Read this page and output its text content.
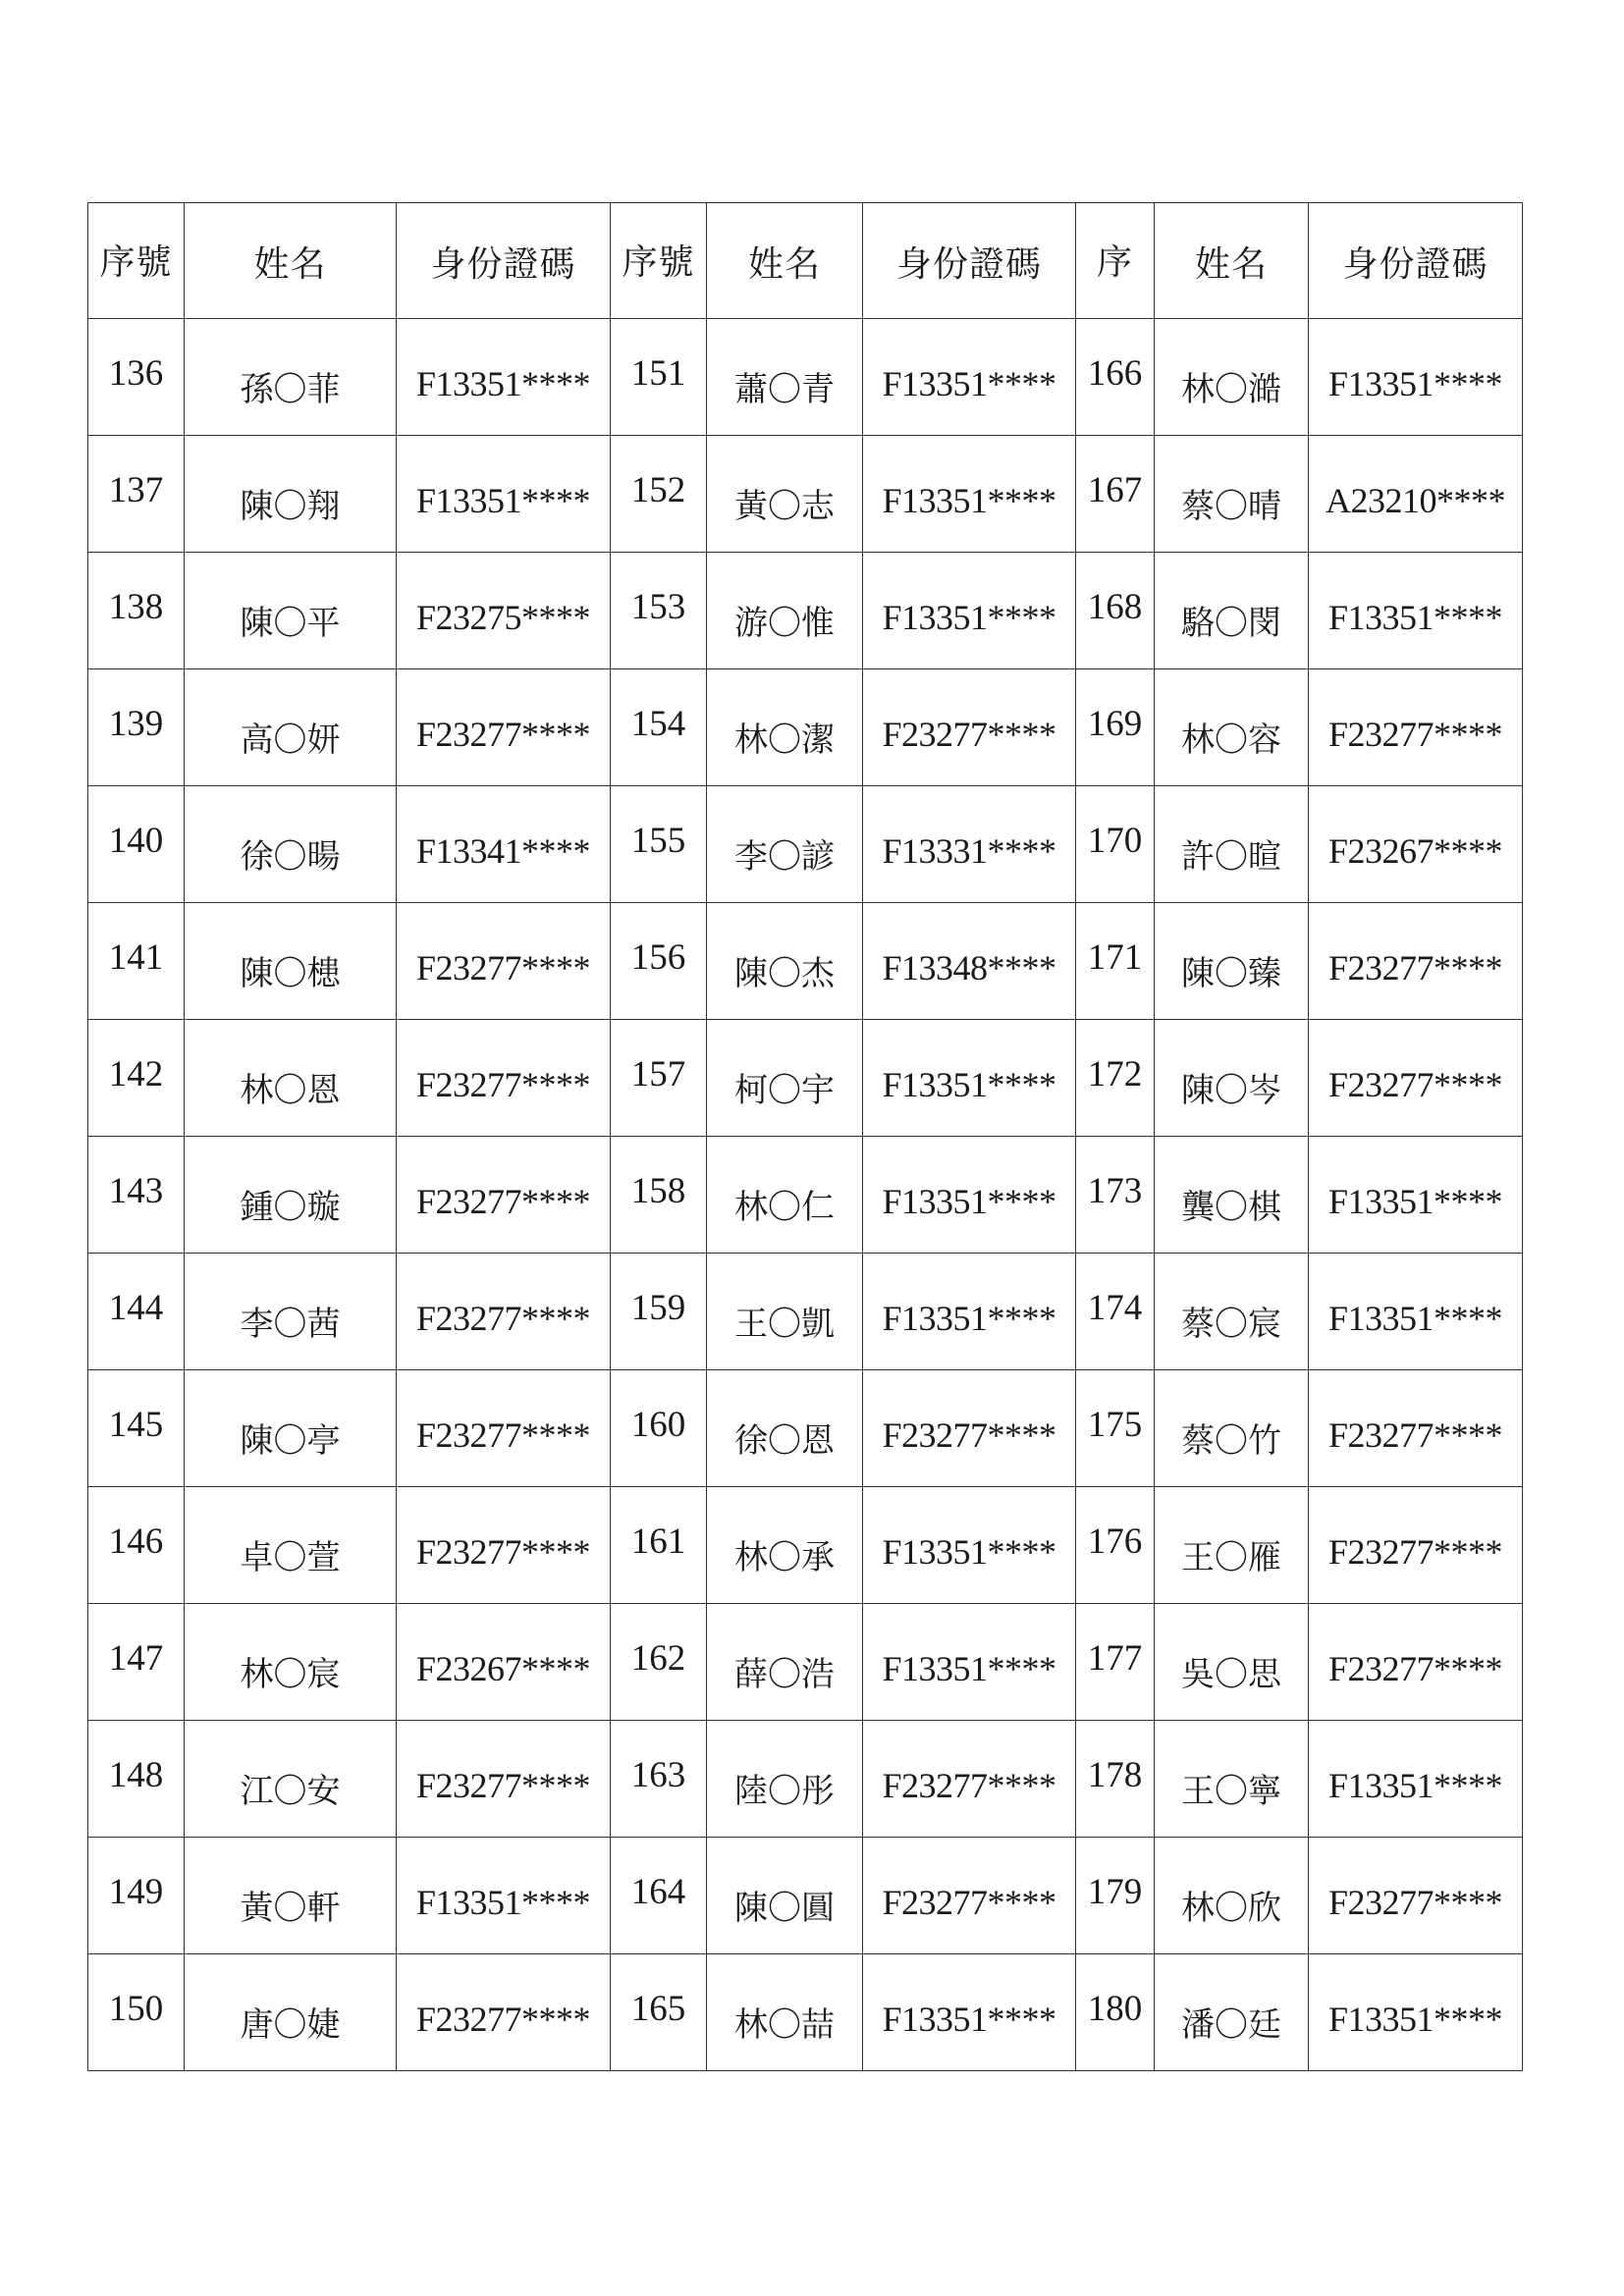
序號	姓名	身份證碼	序號	姓名	身份證碼	序	姓名	身份證碼
136	孫〇菲	F13351****	151	蕭〇青	F13351****	166	林〇澔	F13351****
137	陳〇翔	F13351****	152	黃〇志	F13351****	167	蔡〇晴	A23210****
138	陳〇平	F23275****	153	游〇惟	F13351****	168	駱〇閔	F13351****
139	高〇妍	F23277****	154	林〇潔	F23277****	169	林〇容	F23277****
140	徐〇暘	F13341****	155	李〇諺	F13331****	170	許〇暄	F23267****
141	陳〇槵	F23277****	156	陳〇杰	F13348****	171	陳〇臻	F23277****
142	林〇恩	F23277****	157	柯〇宇	F13351****	172	陳〇岑	F23277****
143	鍾〇璇	F23277****	158	林〇仁	F13351****	173	龔〇棋	F13351****
144	李〇茜	F23277****	159	王〇凱	F13351****	174	蔡〇宸	F13351****
145	陳〇亭	F23277****	160	徐〇恩	F23277****	175	蔡〇竹	F23277****
146	卓〇萱	F23277****	161	林〇承	F13351****	176	王〇雁	F23277****
147	林〇宸	F23267****	162	薛〇浩	F13351****	177	吳〇思	F23277****
148	江〇安	F23277****	163	陸〇彤	F23277****	178	王〇寧	F13351****
149	黃〇軒	F13351****	164	陳〇圓	F23277****	179	林〇欣	F23277****
150	唐〇婕	F23277****	165	林〇喆	F13351****	180	潘〇廷	F13351****
